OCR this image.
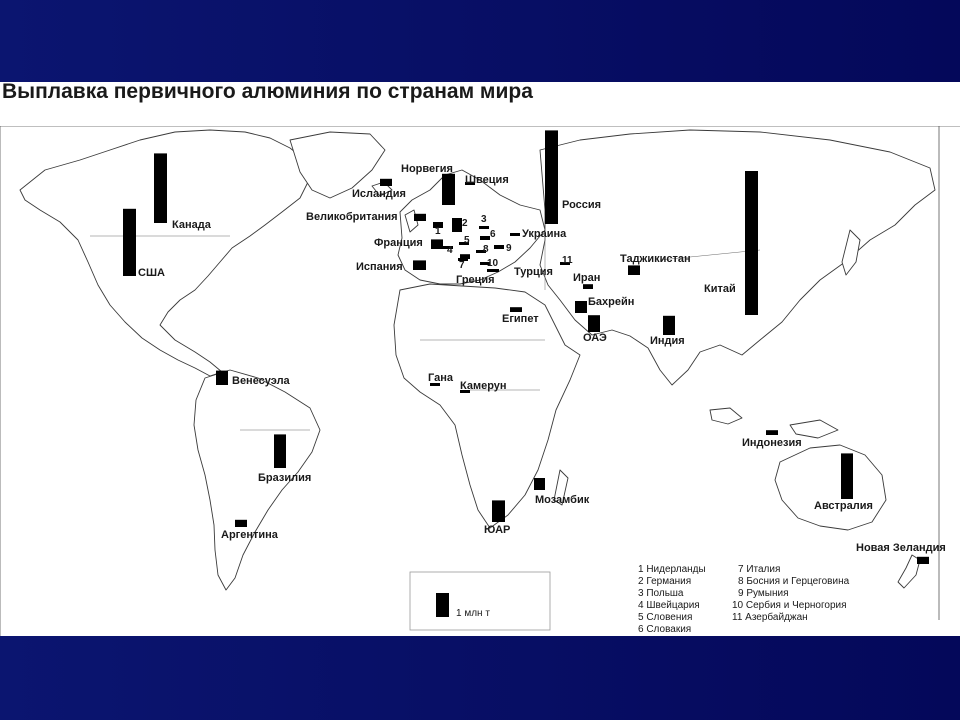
Выплавка первичного алюминия по странам мира
Канада
США
Норвегия
Исландия
Швеция
Великобритания
Франция
Испания
Греция
Россия
Украина
Турция
Таджикистан
Китай
Иран
Бахрейн
ОАЭ	Индия
Египет
Гана
Камерун
Венесуэла
Бразилия
Аргентина	ЮАР
Мозамбик
Индонезия
Австралия
Новая Зеландия
1
2 3
4
5
6
7
8 9
10	11
1 млн т
1 Нидерланды
2 Германия
3 Польша
4 Швейцария
5 Словения
6 Словакия
7 Италия
8 Босния и Герцеговина
9 Румыния
10 Сербия и Черногория
11 Азербайджан
